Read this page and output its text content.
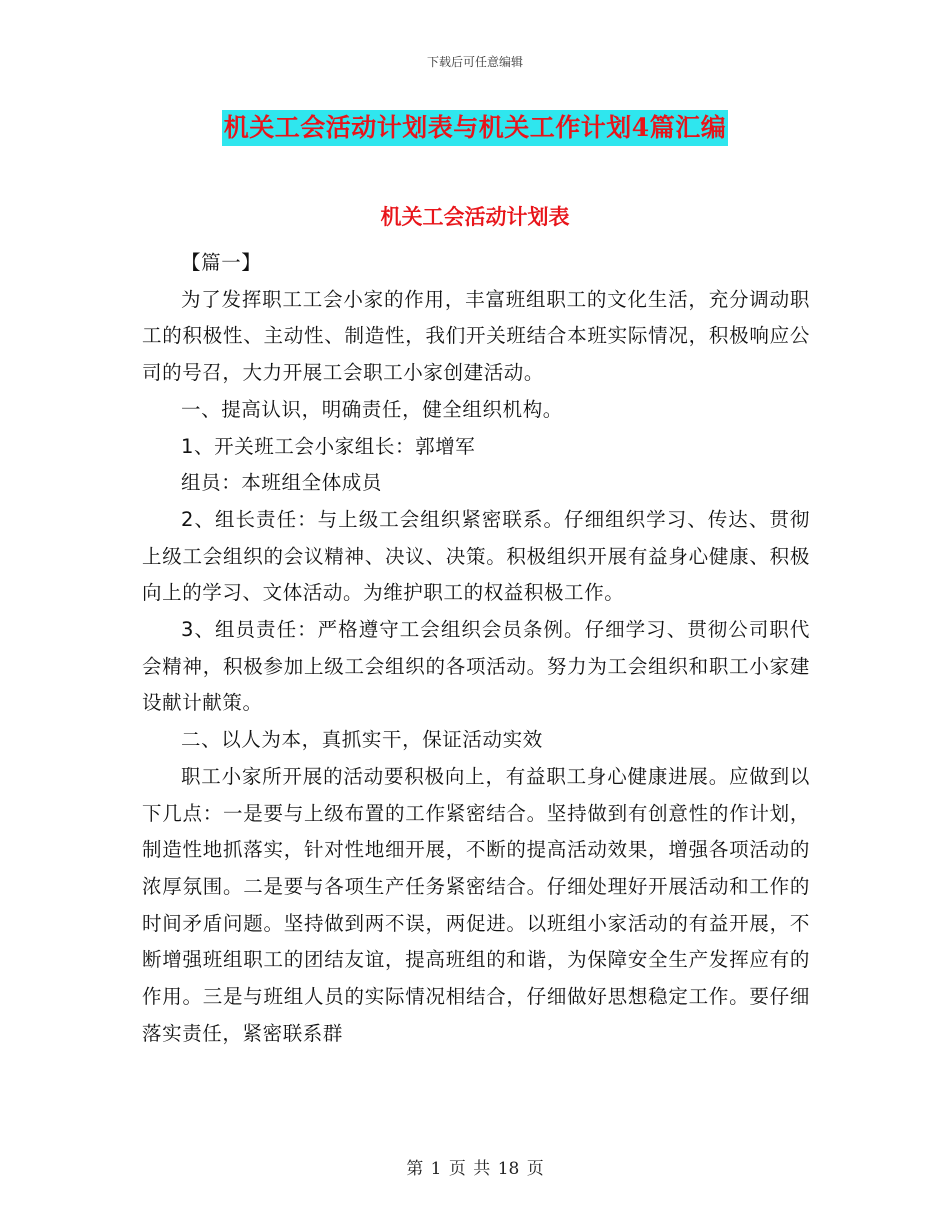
下载后可任意编辑
机关工会活动计划表与机关工作计划4篇汇编
机关工会活动计划表

【篇一】

为了发挥职工工会小家的作用，丰富班组职工的文化生活，充分调动职工的积极性、主动性、制造性，我们开关班结合本班实际情况，积极响应公司的号召，大力开展工会职工小家创建活动。

一、提高认识，明确责任，健全组织机构。

1、开关班工会小家组长：郭增军

组员：本班组全体成员

2、组长责任：与上级工会组织紧密联系。仔细组织学习、传达、贯彻上级工会组织的会议精神、决议、决策。积极组织开展有益身心健康、积极向上的学习、文体活动。为维护职工的权益积极工作。

3、组员责任：严格遵守工会组织会员条例。仔细学习、贯彻公司职代会精神，积极参加上级工会组织的各项活动。努力为工会组织和职工小家建设献计献策。

二、以人为本，真抓实干，保证活动实效

职工小家所开展的活动要积极向上，有益职工身心健康进展。应做到以下几点：一是要与上级布置的工作紧密结合。坚持做到有创意性的作计划，制造性地抓落实，针对性地细开展，不断的提高活动效果，增强各项活动的浓厚氛围。二是要与各项生产任务紧密结合。仔细处理好开展活动和工作的时间矛盾问题。坚持做到两不误，两促进。以班组小家活动的有益开展，不断增强班组职工的团结友谊，提高班组的和谐，为保障安全生产发挥应有的作用。三是与班组人员的实际情况相结合，仔细做好思想稳定工作。要仔细落实责任，紧密联系群

第 1 页 共 18 页
